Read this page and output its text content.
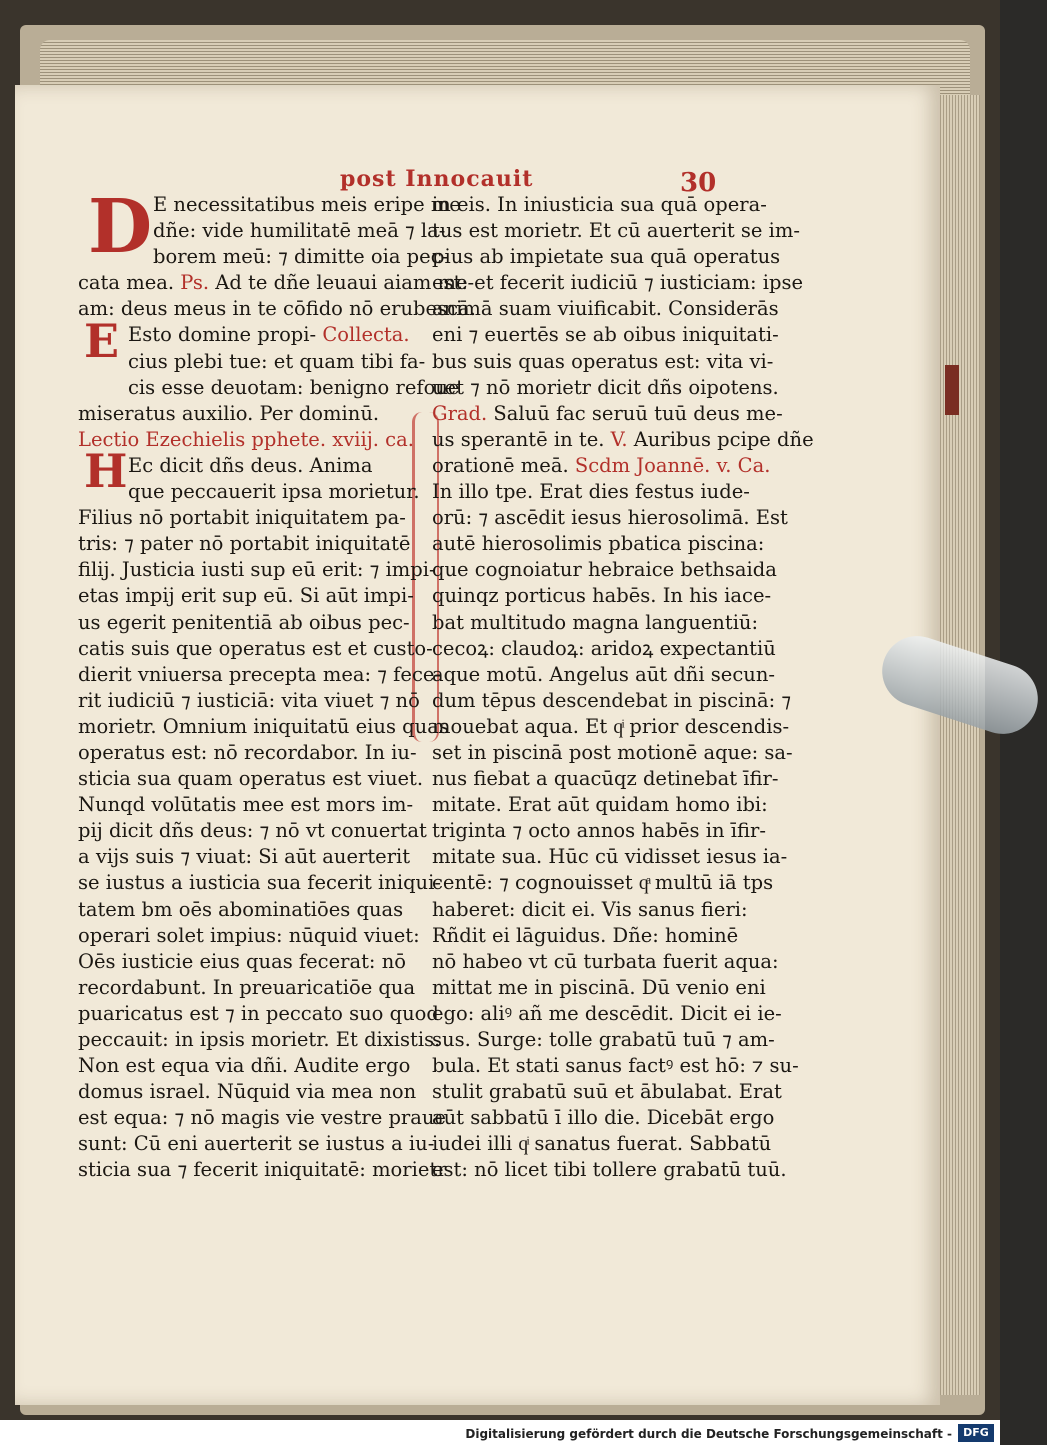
post Innocauit	30
D
E
H
E necessitatibus meis eripe me
dñe: vide humilitatē meā ⁊ la-
borem meū: ⁊ dimitte oia pec-
cata mea. Ps. Ad te dñe leuaui aiam me-
am: deus meus in te cōfido nō erubescā.
Esto domine propi- Collecta.
cius plebi tue: et quam tibi fa-
cis esse deuotam: benigno refoue
miseratus auxilio. Per dominū.
Lectio Ezechielis pphete. xviij. ca.
Ec dicit dñs deus. Anima
que peccauerit ipsa morietur.
Filius nō portabit iniquitatem pa-
tris: ⁊ pater nō portabit iniquitatē
filij. Justicia iusti sup eū erit: ⁊ impi-
etas impij erit sup eū. Si aūt impi-
us egerit penitentiā ab oibus pec-
catis suis que operatus est et custo-
dierit vniuersa precepta mea: ⁊ fece-
rit iudiciū ⁊ iusticiā: vita viuet ⁊ nō
morietr. Omnium iniquitatū eius quas
operatus est: nō recordabor. In iu-
sticia sua quam operatus est viuet.
Nunqd volūtatis mee est mors im-
pij dicit dñs deus: ⁊ nō vt conuertat
a vijs suis ⁊ viuat: Si aūt auerterit
se iustus a iusticia sua fecerit iniqui-
tatem bm oēs abominatiōes quas
operari solet impius: nūquid viuet:
Oēs iusticie eius quas fecerat: nō
recordabunt. In preuaricatiōe qua
puaricatus est ⁊ in peccato suo quod
peccauit: in ipsis morietr. Et dixistis.
Non est equa via dñi. Audite ergo
domus israel. Nūquid via mea non
est equa: ⁊ nō magis vie vestre praue
sunt: Cū eni auerterit se iustus a iu-
sticia sua ⁊ fecerit iniquitatē: morietr
in eis. In iniusticia sua quā opera-
tus est morietr. Et cū auerterit se im-
pius ab impietate sua quā operatus
est: et fecerit iudiciū ⁊ iusticiam: ipse
animā suam viuificabit. Considerās
eni ⁊ euertēs se ab oibus iniquitati-
bus suis quas operatus est: vita vi-
uet ⁊ nō morietr dicit dñs oipotens.
Grad. Saluū fac seruū tuū deus me-
us sperantē in te. V. Auribus pcipe dñe
orationē meā. Scdm Joannē. v. Ca.
In illo tpe. Erat dies festus iude-
orū: ⁊ ascēdit iesus hierosolimā. Est
autē hierosolimis pbatica piscina:
que cognoiatur hebraice bethsaida
quinqz porticus habēs. In his iace-
bat multitudo magna languentiū:
cecoꝝ: claudoꝝ: aridoꝝ expectantiū
aque motū. Angelus aūt dñi secun-
dum tēpus descendebat in piscinā: ⁊
mouebat aqua. Et qͥ prior descendis-
set in piscinā post motionē aque: sa-
nus fiebat a quacūqz detinebat īfir-
mitate. Erat aūt quidam homo ibi:
triginta ⁊ octo annos habēs in īfir-
mitate sua. Hūc cū vidisset iesus ia-
centē: ⁊ cognouisset qͣ multū iā tps
haberet: dicit ei. Vis sanus fieri:
Rñdit ei lāguidus. Dñe: hominē
nō habeo vt cū turbata fuerit aqua:
mittat me in piscinā. Dū venio eni
ego: aliꝰ añ me descēdit. Dicit ei ie-
sus. Surge: tolle grabatū tuū ⁊ am-
bula. Et stati sanus factꝰ est hō: ⁊ su-
stulit grabatū suū et ābulabat. Erat
aūt sabbatū ī illo die. Dicebāt ergo
iudei illi qͥ sanatus fuerat. Sabbatū
est: nō licet tibi tollere grabatū tuū.
Digitalisierung gefördert durch die Deutsche Forschungsgemeinschaft -	DFG
